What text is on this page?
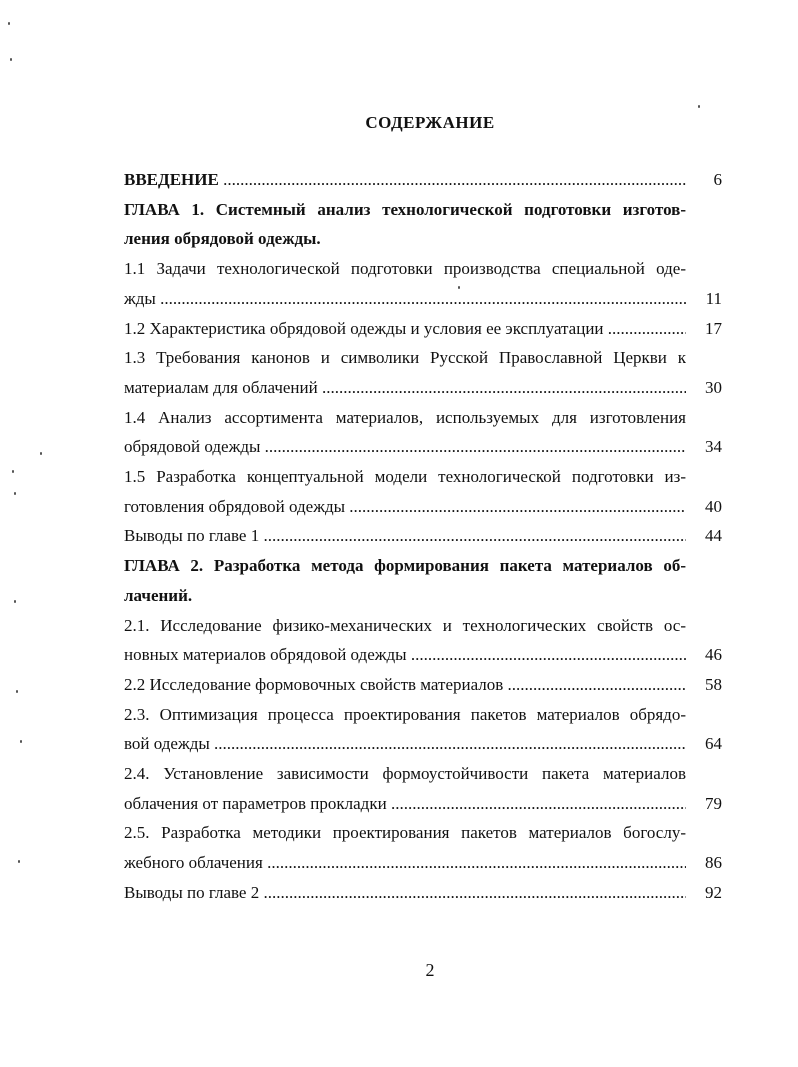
СОДЕРЖАНИЕ
ВВЕДЕНИЕ .....	6
ГЛАВА 1. Системный анализ технологической подготовки изготов-
ления обрядовой одежды.
1.1 Задачи технологической подготовки производства специальной оде-
жды .....	11
1.2 Характеристика обрядовой одежды и условия ее эксплуатации .....	17
1.3 Требования канонов и символики Русской Православной Церкви к
материалам для облачений .....	30
1.4 Анализ ассортимента материалов, используемых для изготовления
обрядовой одежды .....	34
1.5 Разработка концептуальной модели технологической подготовки из-
готовления обрядовой одежды .....	40
Выводы по главе 1 .....	44
ГЛАВА 2. Разработка метода формирования пакета материалов об-
лачений.
2.1. Исследование физико-механических и технологических свойств ос-
новных материалов обрядовой одежды .....	46
2.2 Исследование формовочных свойств материалов .....	58
2.3. Оптимизация процесса проектирования пакетов материалов обрядо-
вой одежды .....	64
2.4. Установление зависимости формоустойчивости пакета материалов
облачения от параметров прокладки .....	79
2.5. Разработка методики проектирования пакетов материалов богослу-
жебного облачения .....	86
Выводы по главе 2 .....	92
2
